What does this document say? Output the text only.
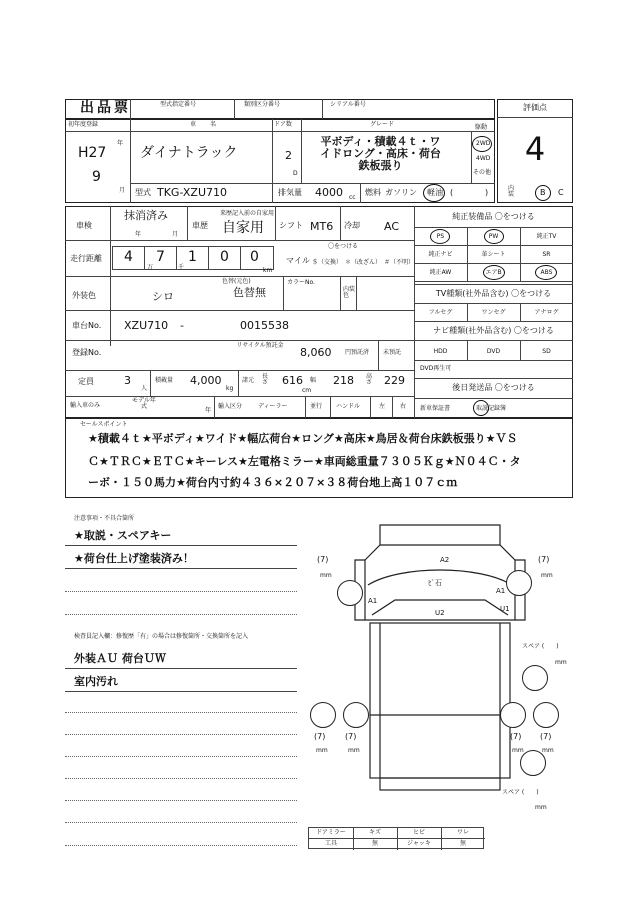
出品票	型式指定番号	類別区分番号	シリアル番号	評価点
4
初年度登録
H27
年
9
月
車名
ダイナトラック
ドア数
2
D
グレード
平ボディ・積載４ｔ・ワイドロング・高床・荷台鉄板張り
駆動
2WD
4WD
その他
型式 TKG-XZU710	排気量 4000 cc
燃料 ガソリン 軽油 (	)	内装	B C
車検
抹消済み
年	月
車歴
来歴記入前の自家用
自家用 シフト MT6 冷却 AC
純正装備品 〇をつける
走行距離 4 7 1 0 0
万	千	km
マイル
〇をつける
＄（交換） ＊（改ざん） ＃（不明）
PS	PW	純正TV
純正ナビ	革シート	SR
純正AW	エアB	ABS
外装色	シロ
色替(元色)
色替無
カラーNo.
内装色	TV種類(社外品含む) 〇をつける
フルセグ	ワンセグ	アナログ
車台No. XZU710 -	0015538	ナビ種類(社外品含む) 〇をつける
HDD	DVD	SD
登録No.
リサイクル預託金
8,060 円預託済 未預託
DVD再生可
定員	3
人
積載量 4,000
kg
諸元
長さ 616 幅 218 高さ 229
cm	後日発送品 〇をつける
新車保証書	取説 記録簿
輸入車のみ
モデル年式
年
輸入区分	ディーラー	並行 ハンドル	左 右
セールスポイント
★積載４ｔ★平ボディ★ワイド★幅広荷台★ロング★高床★鳥居＆荷台床鉄板張り★ＶＳ
Ｃ★ＴＲＣ★ＥＴＣ★キーレス★左電格ミラー★車両総重量７３０５Ｋｇ★Ｎ０４Ｃ・タ
ーボ・１５０馬力★荷台内寸約４３６×２０７×３８荷台地上高１０７ｃｍ
注意事項・不具合箇所
★取説・スペアキー
★荷台仕上げ塗装済み！
検査員記入欄：修復歴「有」の場合は修復箇所・交換箇所を記入
外装ＡＵ 荷台ＵＷ
室内汚れ
A2
ﾋﾟ石
A1
A1
U2	U1
(7)
mm
(7)
mm
(7)
mm
(7)
mm
(7)
mm
(7)
mm
スペア (　　)
mm
スペア (　　)
mm
ドアミラー	キズ	ヒビ	ワレ
工具	無	ジャッキ	無
